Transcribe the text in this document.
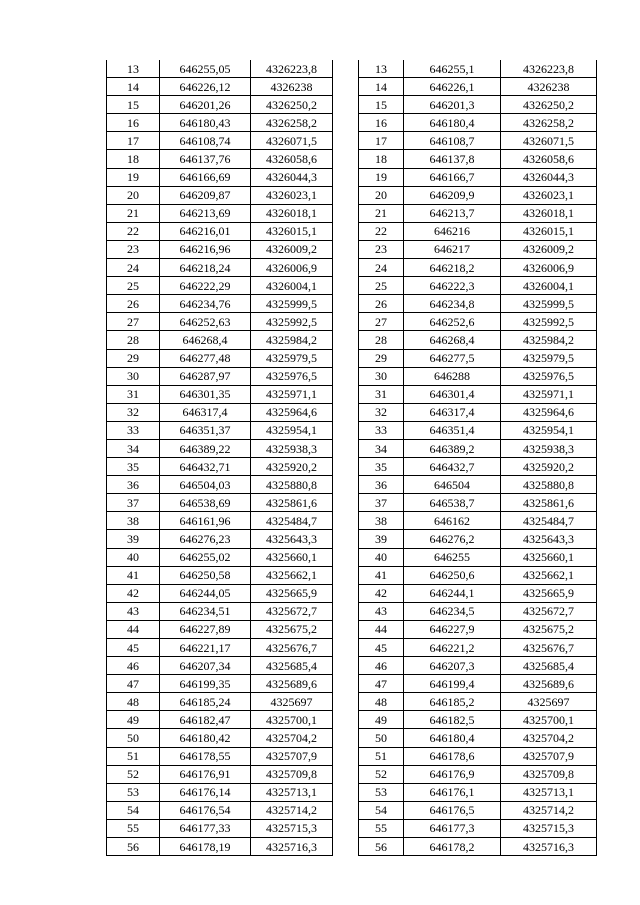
13	646255,05	4326223,8
14	646226,12	4326238
15	646201,26	4326250,2
16	646180,43	4326258,2
17	646108,74	4326071,5
18	646137,76	4326058,6
19	646166,69	4326044,3
20	646209,87	4326023,1
21	646213,69	4326018,1
22	646216,01	4326015,1
23	646216,96	4326009,2
24	646218,24	4326006,9
25	646222,29	4326004,1
26	646234,76	4325999,5
27	646252,63	4325992,5
28	646268,4	4325984,2
29	646277,48	4325979,5
30	646287,97	4325976,5
31	646301,35	4325971,1
32	646317,4	4325964,6
33	646351,37	4325954,1
34	646389,22	4325938,3
35	646432,71	4325920,2
36	646504,03	4325880,8
37	646538,69	4325861,6
38	646161,96	4325484,7
39	646276,23	4325643,3
40	646255,02	4325660,1
41	646250,58	4325662,1
42	646244,05	4325665,9
43	646234,51	4325672,7
44	646227,89	4325675,2
45	646221,17	4325676,7
46	646207,34	4325685,4
47	646199,35	4325689,6
48	646185,24	4325697
49	646182,47	4325700,1
50	646180,42	4325704,2
51	646178,55	4325707,9
52	646176,91	4325709,8
53	646176,14	4325713,1
54	646176,54	4325714,2
55	646177,33	4325715,3
56	646178,19	4325716,3
13	646255,1	4326223,8
14	646226,1	4326238
15	646201,3	4326250,2
16	646180,4	4326258,2
17	646108,7	4326071,5
18	646137,8	4326058,6
19	646166,7	4326044,3
20	646209,9	4326023,1
21	646213,7	4326018,1
22	646216	4326015,1
23	646217	4326009,2
24	646218,2	4326006,9
25	646222,3	4326004,1
26	646234,8	4325999,5
27	646252,6	4325992,5
28	646268,4	4325984,2
29	646277,5	4325979,5
30	646288	4325976,5
31	646301,4	4325971,1
32	646317,4	4325964,6
33	646351,4	4325954,1
34	646389,2	4325938,3
35	646432,7	4325920,2
36	646504	4325880,8
37	646538,7	4325861,6
38	646162	4325484,7
39	646276,2	4325643,3
40	646255	4325660,1
41	646250,6	4325662,1
42	646244,1	4325665,9
43	646234,5	4325672,7
44	646227,9	4325675,2
45	646221,2	4325676,7
46	646207,3	4325685,4
47	646199,4	4325689,6
48	646185,2	4325697
49	646182,5	4325700,1
50	646180,4	4325704,2
51	646178,6	4325707,9
52	646176,9	4325709,8
53	646176,1	4325713,1
54	646176,5	4325714,2
55	646177,3	4325715,3
56	646178,2	4325716,3
